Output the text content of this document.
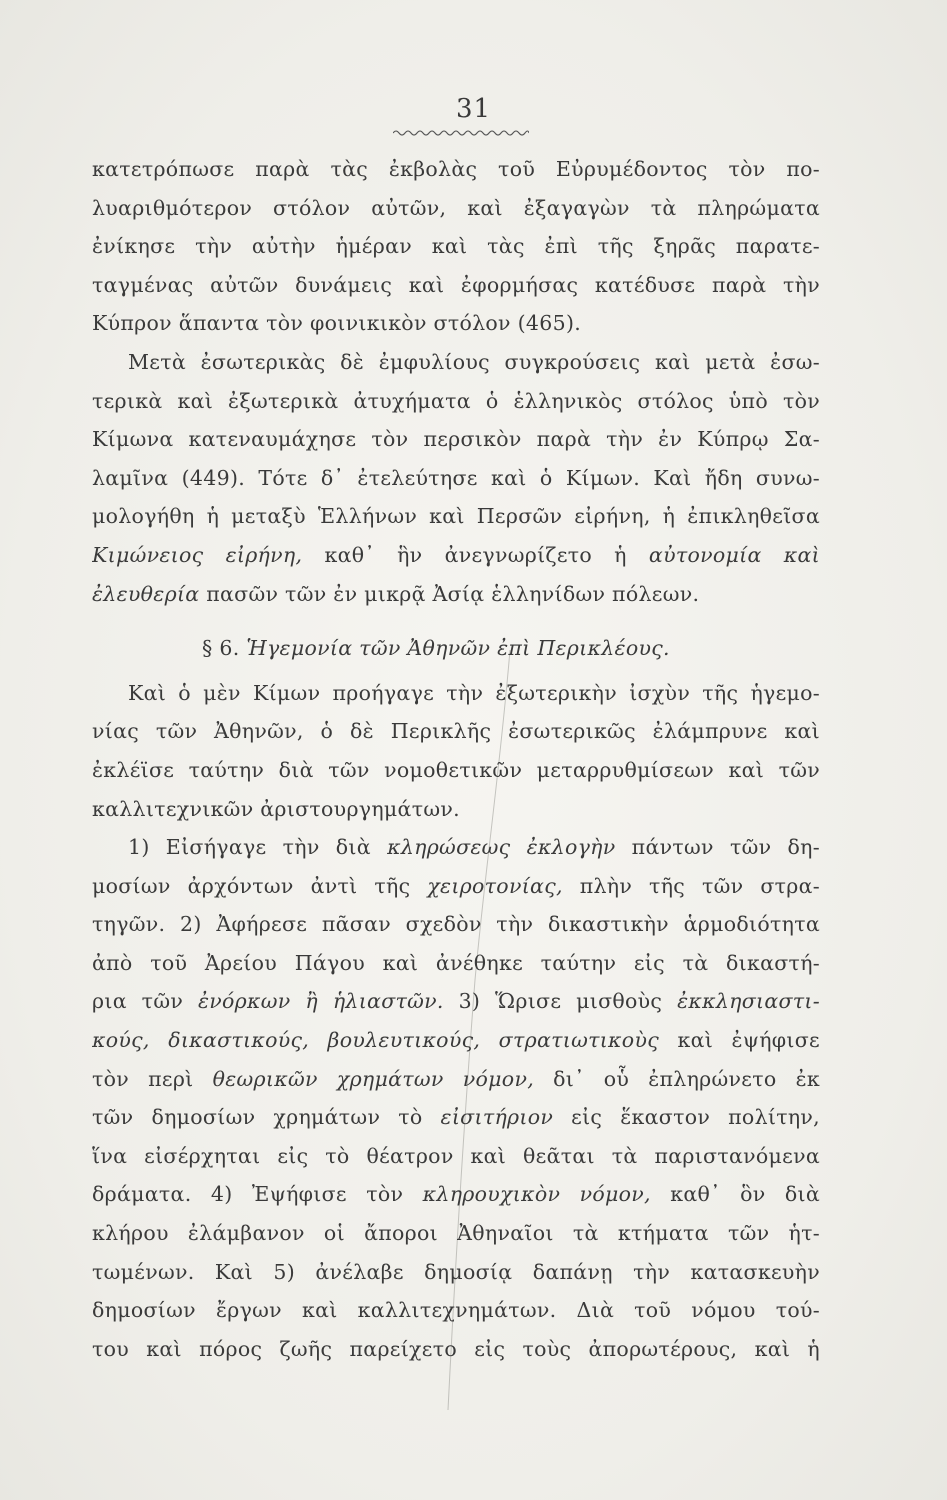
31
κατετρόπωσε παρὰ τὰς ἐκβολὰς τοῦ Εὐρυμέδοντος τὸν πο-
λυαριθμότερον στόλον αὐτῶν, καὶ ἐξαγαγὼν τὰ πληρώματα
ἐνίκησε τὴν αὐτὴν ἡμέραν καὶ τὰς ἐπὶ τῆς ξηρᾶς παρατε-
ταγμένας αὐτῶν δυνάμεις καὶ ἐφορμήσας κατέδυσε παρὰ τὴν
Κύπρον ἅπαντα τὸν φοινικικὸν στόλον (465).
Μετὰ ἐσωτερικὰς δὲ ἐμφυλίους συγκρούσεις καὶ μετὰ ἐσω-
τερικὰ καὶ ἐξωτερικὰ ἀτυχήματα ὁ ἑλληνικὸς στόλος ὑπὸ τὸν
Κίμωνα κατεναυμάχησε τὸν περσικὸν παρὰ τὴν ἐν Κύπρῳ Σα-
λαμῖνα (449). Τότε δ᾽ ἐτελεύτησε καὶ ὁ Κίμων. Καὶ ἤδη συνω-
μολογήθη ἡ μεταξὺ Ἑλλήνων καὶ Περσῶν εἰρήνη, ἡ ἐπικληθεῖσα
Κιμώνειος εἰρήνη, καθ᾽ ἣν ἀνεγνωρίζετο ἡ αὐτονομία καὶ
ἐλευθερία πασῶν τῶν ἐν μικρᾷ Ἀσίᾳ ἑλληνίδων πόλεων.
§ 6. Ἡγεμονία τῶν Ἀθηνῶν ἐπὶ Περικλέους.
Καὶ ὁ μὲν Κίμων προήγαγε τὴν ἐξωτερικὴν ἰσχὺν τῆς ἡγεμο-
νίας τῶν Ἀθηνῶν, ὁ δὲ Περικλῆς ἐσωτερικῶς ἐλάμπρυνε καὶ
ἐκλέϊσε ταύτην διὰ τῶν νομοθετικῶν μεταρρυθμίσεων καὶ τῶν
καλλιτεχνικῶν ἀριστουργημάτων.
1) Εἰσήγαγε τὴν διὰ κληρώσεως ἐκλογὴν πάντων τῶν δη-
μοσίων ἀρχόντων ἀντὶ τῆς χειροτονίας, πλὴν τῆς τῶν στρα-
τηγῶν. 2) Ἀφήρεσε πᾶσαν σχεδὸν τὴν δικαστικὴν ἁρμοδιότητα
ἀπὸ τοῦ Ἀρείου Πάγου καὶ ἀνέθηκε ταύτην εἰς τὰ δικαστή-
ρια τῶν ἐνόρκων ἢ ἡλιαστῶν. 3) Ὥρισε μισθοὺς ἐκκλησιαστι-
κούς, δικαστικούς, βουλευτικούς, στρατιωτικοὺς καὶ ἐψήφισε
τὸν περὶ θεωρικῶν χρημάτων νόμον, δι᾽ οὗ ἐπληρώνετο ἐκ
τῶν δημοσίων χρημάτων τὸ εἰσιτήριον εἰς ἕκαστον πολίτην,
ἵνα εἰσέρχηται εἰς τὸ θέατρον καὶ θεᾶται τὰ παριστανόμενα
δράματα. 4) Ἐψήφισε τὸν κληρουχικὸν νόμον, καθ᾽ ὃν διὰ
κλήρου ἐλάμβανον οἱ ἄποροι Ἀθηναῖοι τὰ κτήματα τῶν ἡτ-
τωμένων. Καὶ 5) ἀνέλαβε δημοσίᾳ δαπάνῃ τὴν κατασκευὴν
δημοσίων ἔργων καὶ καλλιτεχνημάτων. Διὰ τοῦ νόμου τού-
του καὶ πόρος ζωῆς παρείχετο εἰς τοὺς ἀπορωτέρους, καὶ ἡ
